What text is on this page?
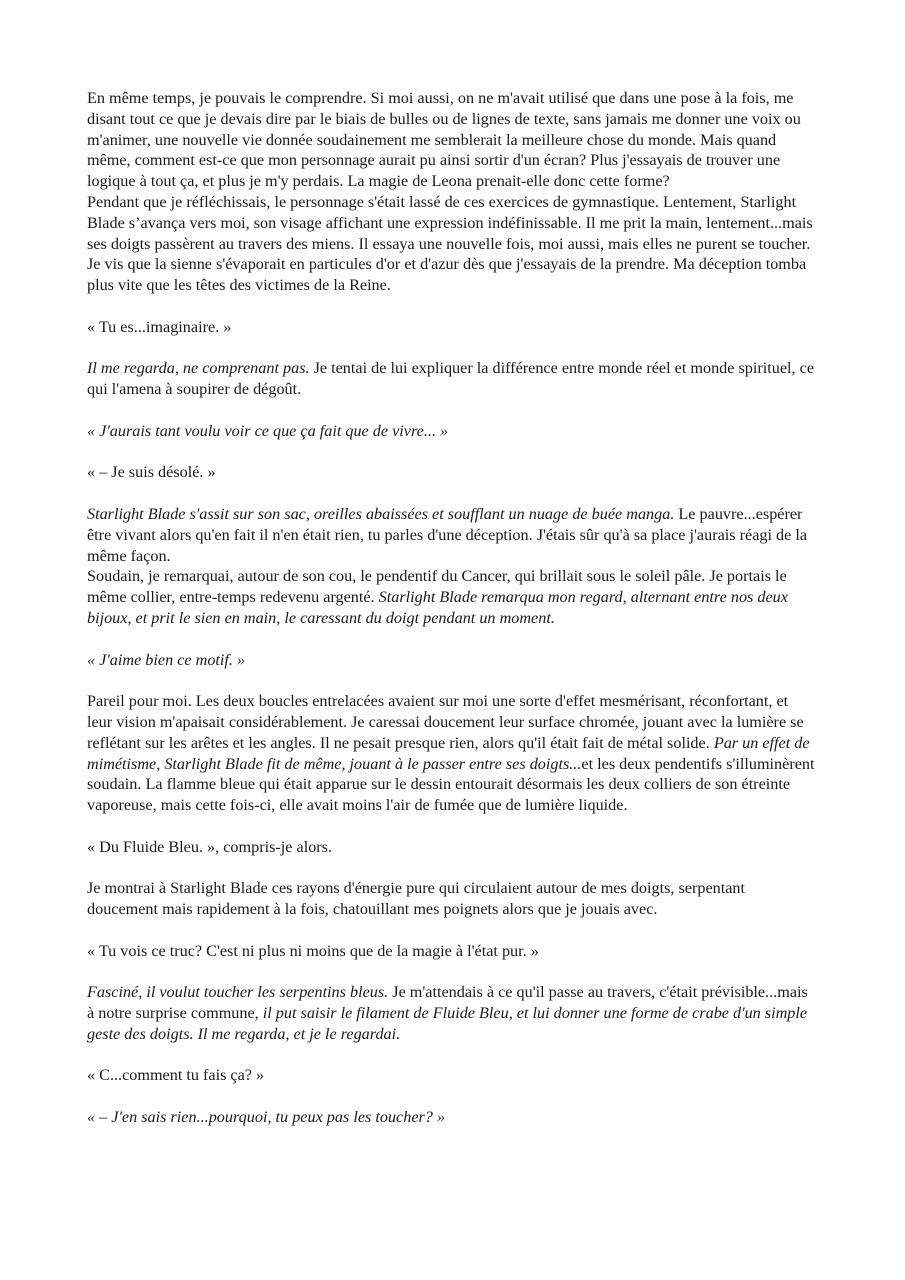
En même temps, je pouvais le comprendre. Si moi aussi, on ne m'avait utilisé que dans une pose à la fois, me disant tout ce que je devais dire par le biais de bulles ou de lignes de texte, sans jamais me donner une voix ou m'animer, une nouvelle vie donnée soudainement me semblerait la meilleure chose du monde. Mais quand même, comment est-ce que mon personnage aurait pu ainsi sortir d'un écran? Plus j'essayais de trouver une logique à tout ça, et plus je m'y perdais. La magie de Leona prenait-elle donc cette forme?

Pendant que je réfléchissais, le personnage s'était lassé de ces exercices de gymnastique. Lentement, Starlight Blade s’avança vers moi, son visage affichant une expression indéfinissable. Il me prit la main, lentement...mais ses doigts passèrent au travers des miens. Il essaya une nouvelle fois, moi aussi, mais elles ne purent se toucher. Je vis que la sienne s'évaporait en particules d'or et d'azur dès que j'essayais de la prendre. Ma déception tomba plus vite que les têtes des victimes de la Reine.

« Tu es...imaginaire. »

Il me regarda, ne comprenant pas. Je tentai de lui expliquer la différence entre monde réel et monde spirituel, ce qui l'amena à soupirer de dégoût.

« J'aurais tant voulu voir ce que ça fait que de vivre... »

« – Je suis désolé. »

Starlight Blade s'assit sur son sac, oreilles abaissées et soufflant un nuage de buée manga. Le pauvre...espérer être vivant alors qu'en fait il n'en était rien, tu parles d'une déception. J'étais sûr qu'à sa place j'aurais réagi de la même façon.

Soudain, je remarquai, autour de son cou, le pendentif du Cancer, qui brillait sous le soleil pâle. Je portais le même collier, entre-temps redevenu argenté. Starlight Blade remarqua mon regard, alternant entre nos deux bijoux, et prit le sien en main, le caressant du doigt pendant un moment.

« J'aime bien ce motif. »

Pareil pour moi. Les deux boucles entrelacées avaient sur moi une sorte d'effet mesmérisant, réconfortant, et leur vision m'apaisait considérablement. Je caressai doucement leur surface chromée, jouant avec la lumière se reflétant sur les arêtes et les angles. Il ne pesait presque rien, alors qu'il était fait de métal solide. Par un effet de mimétisme, Starlight Blade fit de même, jouant à le passer entre ses doigts...et les deux pendentifs s'illuminèrent soudain. La flamme bleue qui était apparue sur le dessin entourait désormais les deux colliers de son étreinte vaporeuse, mais cette fois-ci, elle avait moins l'air de fumée que de lumière liquide.

« Du Fluide Bleu. », compris-je alors.

Je montrai à Starlight Blade ces rayons d'énergie pure qui circulaient autour de mes doigts, serpentant doucement mais rapidement à la fois, chatouillant mes poignets alors que je jouais avec.

« Tu vois ce truc? C'est ni plus ni moins que de la magie à l'état pur. »

Fasciné, il voulut toucher les serpentins bleus. Je m'attendais à ce qu'il passe au travers, c'était prévisible...mais à notre surprise commune, il put saisir le filament de Fluide Bleu, et lui donner une forme de crabe d'un simple geste des doigts. Il me regarda, et je le regardai.

« C...comment tu fais ça? »

« – J'en sais rien...pourquoi, tu peux pas les toucher? »
